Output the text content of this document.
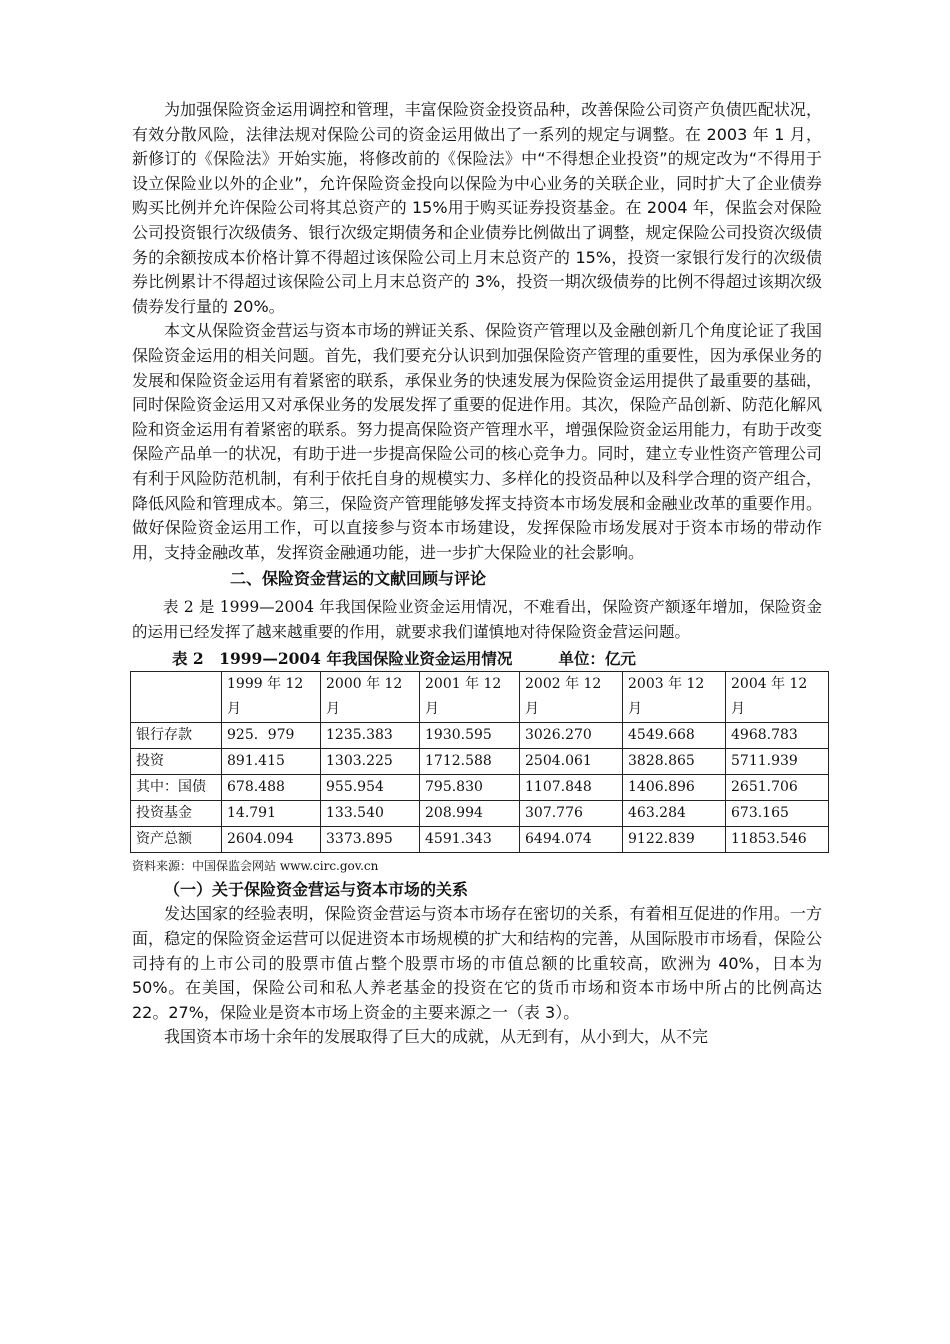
为加强保险资金运用调控和管理，丰富保险资金投资品种，改善保险公司资产负债匹配状况，有效分散风险，法律法规对保险公司的资金运用做出了一系列的规定与调整。在 2003 年 1 月，新修订的《保险法》开始实施，将修改前的《保险法》中“不得想企业投资”的规定改为“不得用于设立保险业以外的企业”，允许保险资金投向以保险为中心业务的关联企业，同时扩大了企业债券购买比例并允许保险公司将其总资产的 15%用于购买证券投资基金。在 2004 年，保监会对保险公司投资银行次级债务、银行次级定期债务和企业债券比例做出了调整，规定保险公司投资次级债务的余额按成本价格计算不得超过该保险公司上月末总资产的 15%，投资一家银行发行的次级债券比例累计不得超过该保险公司上月末总资产的 3%，投资一期次级债券的比例不得超过该期次级债券发行量的 20%。

本文从保险资金营运与资本市场的辨证关系、保险资产管理以及金融创新几个角度论证了我国保险资金运用的相关问题。首先，我们要充分认识到加强保险资产管理的重要性，因为承保业务的发展和保险资金运用有着紧密的联系，承保业务的快速发展为保险资金运用提供了最重要的基础，同时保险资金运用又对承保业务的发展发挥了重要的促进作用。其次，保险产品创新、防范化解风险和资金运用有着紧密的联系。努力提高保险资产管理水平，增强保险资金运用能力，有助于改变保险产品单一的状况，有助于进一步提高保险公司的核心竞争力。同时，建立专业性资产管理公司有利于风险防范机制，有利于依托自身的规模实力、多样化的投资品种以及科学合理的资产组合，降低风险和管理成本。第三，保险资产管理能够发挥支持资本市场发展和金融业改革的重要作用。做好保险资金运用工作，可以直接参与资本市场建设，发挥保险市场发展对于资本市场的带动作用，支持金融改革，发挥资金融通功能，进一步扩大保险业的社会影响。

二、保险资金营运的文献回顾与评论

表 2 是 1999—2004 年我国保险业资金运用情况，不难看出，保险资产额逐年增加，保险资金的运用已经发挥了越来越重要的作用，就要求我们谨慎地对待保险资金营运问题。

表 2　1999—2004 年我国保险业资金运用情况	单位：亿元
	1999 年 12 月	2000 年 12 月	2001 年 12 月	2002 年 12 月	2003 年 12 月	2004 年 12 月
银行存款	925．979	1235.383	1930.595	3026.270	4549.668	4968.783
投资	891.415	1303.225	1712.588	2504.061	3828.865	5711.939
其中：国债	678.488	955.954	795.830	1107.848	1406.896	2651.706
投资基金	14.791	133.540	208.994	307.776	463.284	673.165
资产总额	2604.094	3373.895	4591.343	6494.074	9122.839	11853.546
资料来源：中国保监会网站 www.circ.gov.cn
（一）关于保险资金营运与资本市场的关系

发达国家的经验表明，保险资金营运与资本市场存在密切的关系，有着相互促进的作用。一方面，稳定的保险资金运营可以促进资本市场规模的扩大和结构的完善，从国际股市市场看，保险公司持有的上市公司的股票市值占整个股票市场的市值总额的比重较高，欧洲为 40%，日本为 50%。在美国，保险公司和私人养老基金的投资在它的货币市场和资本市场中所占的比例高达 22。27%，保险业是资本市场上资金的主要来源之一（表 3）。

我国资本市场十余年的发展取得了巨大的成就，从无到有，从小到大，从不完
